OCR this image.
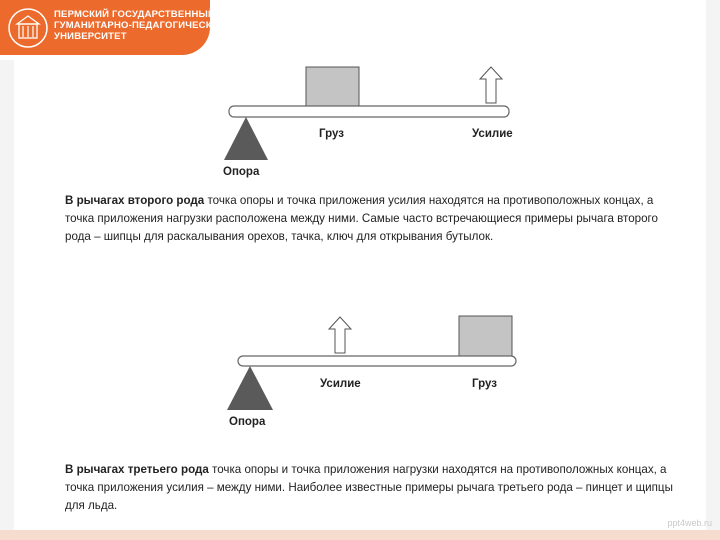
ПЕРМСКИЙ ГОСУДАРСТВЕННЫЙ
ГУМАНИТАРНО-ПЕДАГОГИЧЕСКИЙ
УНИВЕРСИТЕТ
Груз	Усилие
Опора
В рычагах второго рода точка опоры и точка приложения усилия находятся на противоположных концах, а точка приложения нагрузки расположена между ними. Самые часто встречающиеся примеры рычага второго рода – шипцы для раскалывания орехов, тачка, ключ для открывания бутылок.
Усилие	Груз
Опора
В рычагах третьего рода точка опоры и точка приложения нагрузки находятся на противоположных концах, а точка приложения усилия – между ними. Наиболее известные примеры рычага третьего рода – пинцет и щипцы для льда.
ppt4web.ru
